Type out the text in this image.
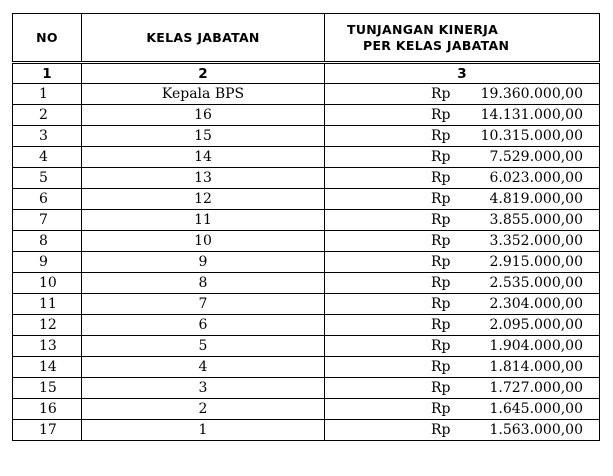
NO	KELAS JABATAN	TUNJANGAN KINERJA
PER KELAS JABATAN

1	2	3
1	Kepala BPS	Rp 19.360.000,00
2	16	Rp 14.131.000,00
3	15	Rp 10.315.000,00
4	14	Rp 7.529.000,00
5	13	Rp 6.023.000,00
6	12	Rp 4.819.000,00
7	11	Rp 3.855.000,00
8	10	Rp 3.352.000,00
9	9	Rp 2.915.000,00
10	8	Rp 2.535.000,00
11	7	Rp 2.304.000,00
12	6	Rp 2.095.000,00
13	5	Rp 1.904.000,00
14	4	Rp 1.814.000,00
15	3	Rp 1.727.000,00
16	2	Rp 1.645.000,00
17	1	Rp 1.563.000,00
